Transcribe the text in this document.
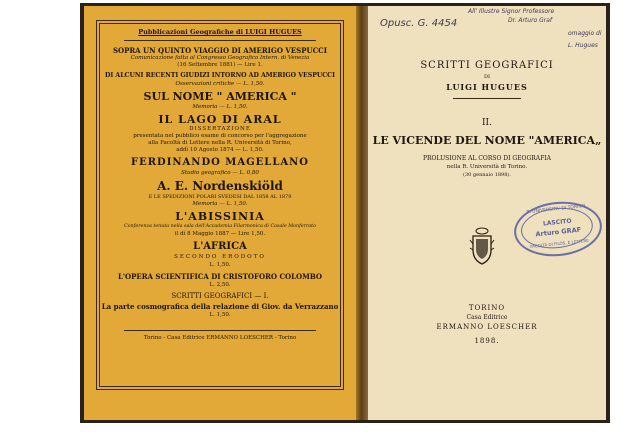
Pubblicazioni Geografiche di LUIGI HUGUES
SOPRA UN QUINTO VIAGGIO DI AMERIGO VESPUCCI
Comunicazione fatta al Congresso Geografico Intern. di Venezia
(16 Settembre 1881) — Lire 1.
DI ALCUNI RECENTI GIUDIZI INTORNO AD AMERIGO VESPUCCI
Osservazioni critiche — L. 1,50.
SUL NOME " AMERICA "
Memoria — L. 1,50.
IL LAGO DI ARAL
DISSERTAZIONE
presentata nel pubblico esame di concorso per l'aggregazione
alla Facoltà di Lettere nella R. Università di Torino,
addì 10 Agosto 1874 — L. 1,50.
FERDINANDO MAGELLANO
Studio geografico — L. 0,80
A. E. Nordenskiöld
E LE SPEDIZIONI POLARI SVEDESI DAL 1858 AL 1879
Memoria — L. 1,50.
L'ABISSINIA
Conferenza tenuta nella sala dell'Accademia Filarmonica di Casale Monferrato
il dì 8 Maggio 1887 — Lire 1,50.
L'AFRICA
SECONDO ERODOTO
L. 1,50.
L'OPERA SCIENTIFICA DI CRISTOFORO COLOMBO
L. 2,50.
SCRITTI GEOGRAFICI — I.
La parte cosmografica della relazione di Giov. da Verrazzano
L. 1,50.
Torino - Casa Editrice ERMANNO LOESCHER - Torino
Opusc. G. 4454
All' Illustre Signor Professore
Dr. Arturo Graf
omaggio di
L. Hugues
SCRITTI GEOGRAFICI
DI
LUIGI HUGUES
II.
LE VICENDE DEL NOME "AMERICA„
PROLUSIONE AL CORSO DI GEOGRAFIA
nella R. Università di Torino.
(30 gennaio 1898).
R. UNIVERSITA' DI TORINO
LASCITO
Arturo GRAF
FACOLTÀ DI FILOS. E LETTERE
TORINO
Casa Editrice
ERMANNO LOESCHER
1898.
